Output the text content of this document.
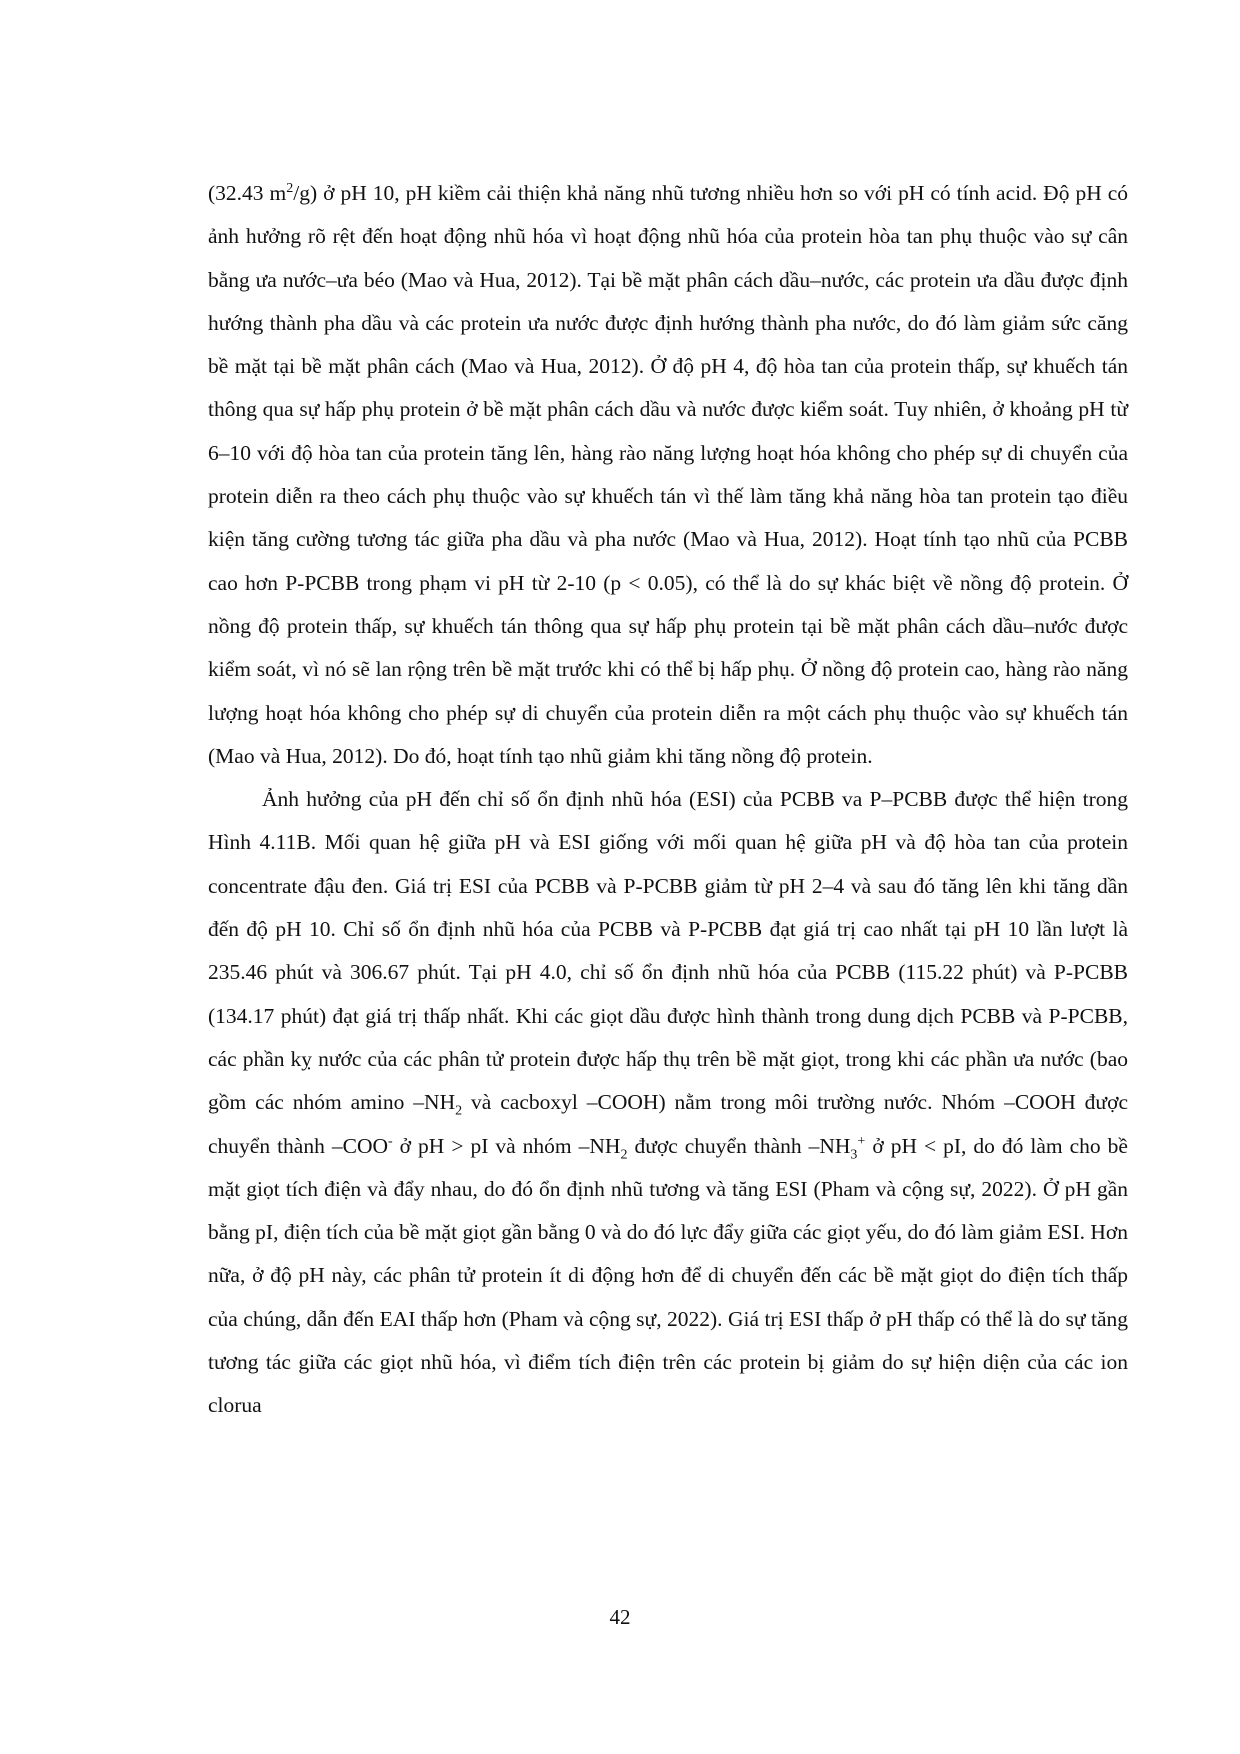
(32.43 $m^2/g$) ở pH 10, pH kiềm cải thiện khả năng nhũ tương nhiều hơn so với pH có tính acid. Độ pH có ảnh hưởng rõ rệt đến hoạt động nhũ hóa vì hoạt động nhũ hóa của protein hòa tan phụ thuộc vào sự cân bằng ưa nước–ưa béo (Mao và Hua, 2012). Tại bề mặt phân cách dầu–nước, các protein ưa dầu được định hướng thành pha dầu và các protein ưa nước được định hướng thành pha nước, do đó làm giảm sức căng bề mặt tại bề mặt phân cách (Mao và Hua, 2012). Ở độ pH 4, độ hòa tan của protein thấp, sự khuếch tán thông qua sự hấp phụ protein ở bề mặt phân cách dầu và nước được kiểm soát. Tuy nhiên, ở khoảng pH từ 6–10 với độ hòa tan của protein tăng lên, hàng rào năng lượng hoạt hóa không cho phép sự di chuyển của protein diễn ra theo cách phụ thuộc vào sự khuếch tán vì thế làm tăng khả năng hòa tan protein tạo điều kiện tăng cường tương tác giữa pha dầu và pha nước (Mao và Hua, 2012). Hoạt tính tạo nhũ của PCBB cao hơn P-PCBB trong phạm vi pH từ 2-10 (p < 0.05), có thể là do sự khác biệt về nồng độ protein. Ở nồng độ protein thấp, sự khuếch tán thông qua sự hấp phụ protein tại bề mặt phân cách dầu–nước được kiểm soát, vì nó sẽ lan rộng trên bề mặt trước khi có thể bị hấp phụ. Ở nồng độ protein cao, hàng rào năng lượng hoạt hóa không cho phép sự di chuyển của protein diễn ra một cách phụ thuộc vào sự khuếch tán (Mao và Hua, 2012). Do đó, hoạt tính tạo nhũ giảm khi tăng nồng độ protein.

Ảnh hưởng của pH đến chỉ số ổn định nhũ hóa (ESI) của PCBB va P–PCBB được thể hiện trong Hình 4.11B. Mối quan hệ giữa pH và ESI giống với mối quan hệ giữa pH và độ hòa tan của protein concentrate đậu đen. Giá trị ESI của PCBB và P-PCBB giảm từ pH 2–4 và sau đó tăng lên khi tăng dần đến độ pH 10. Chỉ số ổn định nhũ hóa của PCBB và P-PCBB đạt giá trị cao nhất tại pH 10 lần lượt là 235.46 phút và 306.67 phút. Tại pH 4.0, chỉ số ổn định nhũ hóa của PCBB (115.22 phút) và P-PCBB (134.17 phút) đạt giá trị thấp nhất. Khi các giọt dầu được hình thành trong dung dịch PCBB và P-PCBB, các phần kỵ nước của các phân tử protein được hấp thụ trên bề mặt giọt, trong khi các phần ưa nước (bao gồm các nhóm amino $-NH_2$ và cacboxyl –COOH) nằm trong môi trường nước. Nhóm –COOH được chuyển thành –COO- ở pH > pI và nhóm $-NH_2$ được chuyển thành $-NH_3^+$ ở pH < pI, do đó làm cho bề mặt giọt tích điện và đẩy nhau, do đó ổn định nhũ tương và tăng ESI (Pham và cộng sự, 2022). Ở pH gần bằng pI, điện tích của bề mặt giọt gần bằng 0 và do đó lực đẩy giữa các giọt yếu, do đó làm giảm ESI. Hơn nữa, ở độ pH này, các phân tử protein ít di động hơn để di chuyển đến các bề mặt giọt do điện tích thấp của chúng, dẫn đến EAI thấp hơn (Pham và cộng sự, 2022). Giá trị ESI thấp ở pH thấp có thể là do sự tăng tương tác giữa các giọt nhũ hóa, vì điểm tích điện trên các protein bị giảm do sự hiện diện của các ion clorua

42
